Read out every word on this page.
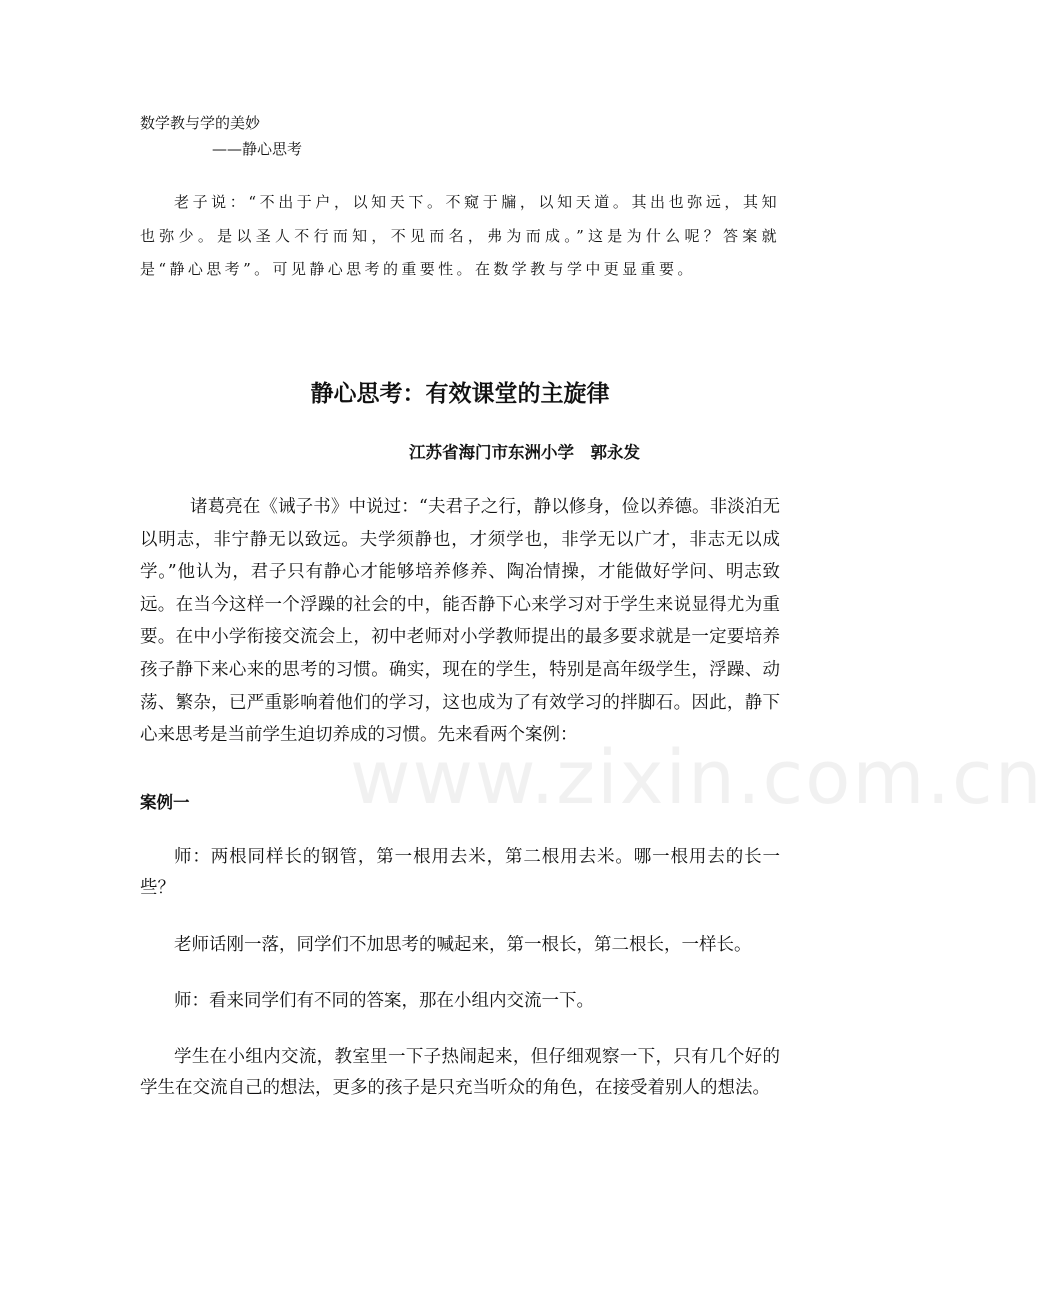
数学教与学的美妙
——静心思考

老子说：“不出于户，以知天下。不窥于牖，以知天道。其出也弥远，其知也弥少。是以圣人不行而知，不见而名，弗为而成。”这是为什么呢？答案就是“静心思考”。可见静心思考的重要性。在数学教与学中更显重要。

静心思考：有效课堂的主旋律
江苏省海门市东洲小学　郭永发

诸葛亮在《诫子书》中说过：“夫君子之行，静以修身，俭以养德。非淡泊无以明志，非宁静无以致远。夫学须静也，才须学也，非学无以广才，非志无以成学。”他认为，君子只有静心才能够培养修养、陶冶情操，才能做好学问、明志致远。在当今这样一个浮躁的社会的中，能否静下心来学习对于学生来说显得尤为重要。在中小学衔接交流会上，初中老师对小学教师提出的最多要求就是一定要培养孩子静下来心来的思考的习惯。确实，现在的学生，特别是高年级学生，浮躁、动荡、繁杂，已严重影响着他们的学习，这也成为了有效学习的拌脚石。因此，静下心来思考是当前学生迫切养成的习惯。先来看两个案例：

www.zixin.com.cn
案例一

师：两根同样长的钢管，第一根用去米，第二根用去米。哪一根用去的长一些？

老师话刚一落，同学们不加思考的喊起来，第一根长，第二根长，一样长。

师：看来同学们有不同的答案，那在小组内交流一下。

学生在小组内交流，教室里一下子热闹起来，但仔细观察一下，只有几个好的学生在交流自己的想法，更多的孩子是只充当听众的角色，在接受着别人的想法。
